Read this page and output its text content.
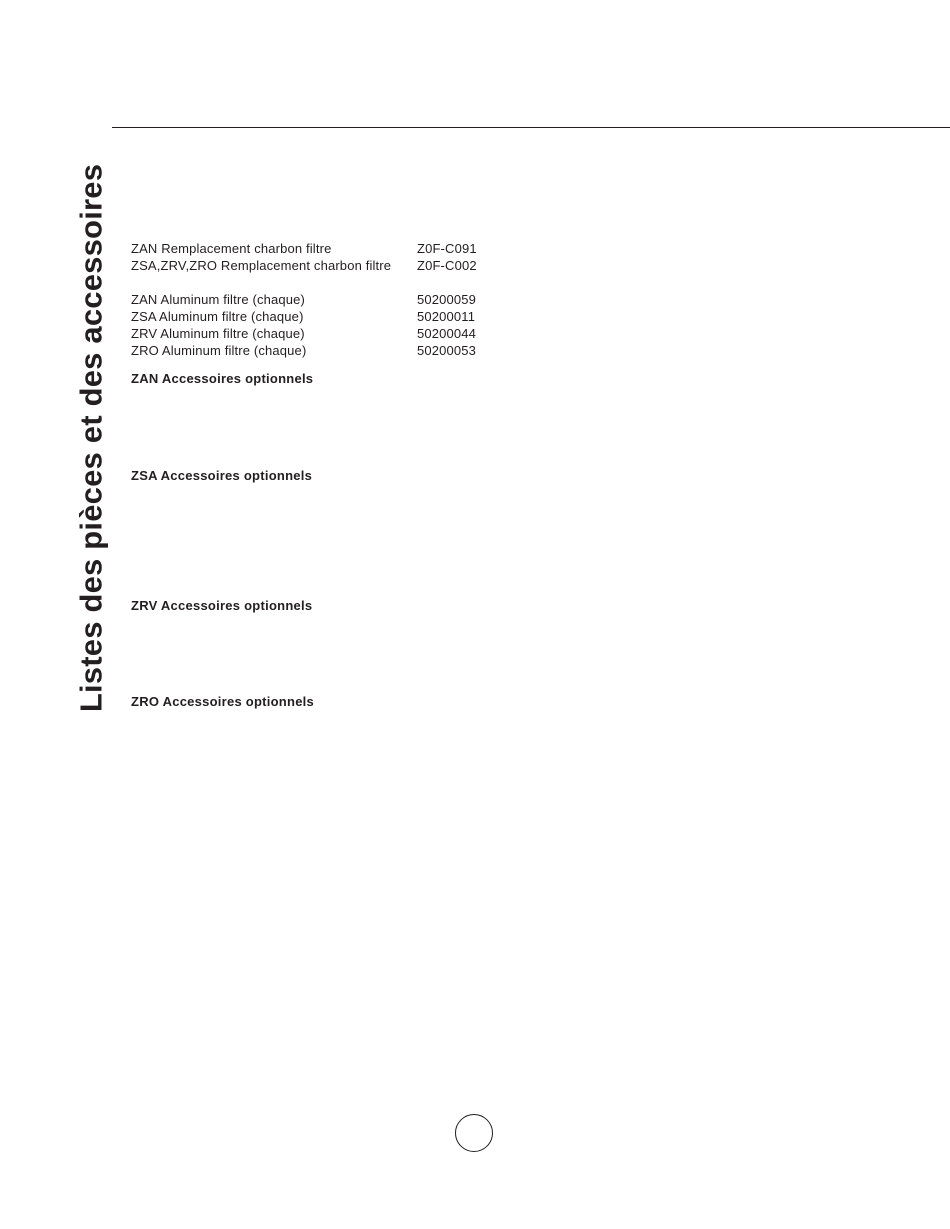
Listes des pièces et des accessoires ZAN Remplacement charbon filtre	Z0F-C091
ZSA,ZRV,ZRO Remplacement charbon filtre Z0F-C002
ZAN Aluminum filtre (chaque)	50200059
ZSA Aluminum filtre (chaque)	50200011
ZRV Aluminum filtre (chaque)	50200044
ZRO Aluminum filtre (chaque)	50200053
ZAN Accessoires optionnels
ZSA Accessoires optionnels
ZRV Accessoires optionnels
ZRO Accessoires optionnels
